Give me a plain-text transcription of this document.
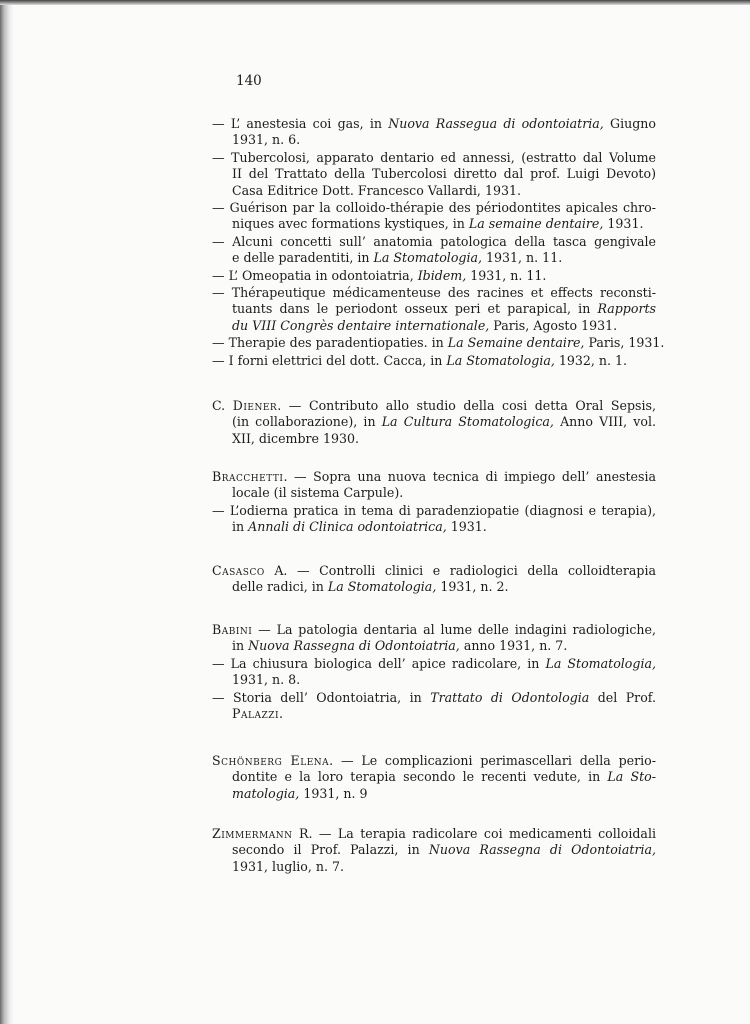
140
— L’ anestesia coi gas, in Nuova Rassegua di odontoiatria, Giugno
1931, n. 6.
— Tubercolosi, apparato dentario ed annessi, (estratto dal Volume
II del Trattato della Tubercolosi diretto dal prof. Luigi Devoto)
Casa Editrice Dott. Francesco Vallardi, 1931.
— Guérison par la colloido-thérapie des périodontites apicales chro-
niques avec formations kystiques, in La semaine dentaire, 1931.
— Alcuni concetti sull’ anatomia patologica della tasca gengivale
e delle paradentiti, in La Stomatologia, 1931, n. 11.
— L’ Omeopatia in odontoiatria, Ibidem, 1931, n. 11.
— Thérapeutique médicamenteuse des racines et effects reconsti-
tuants dans le periodont osseux peri et parapical, in Rapports
du VIII Congrès dentaire internationale, Paris, Agosto 1931.
— Therapie des paradentiopaties. in La Semaine dentaire, Paris, 1931.
— I forni elettrici del dott. Cacca, in La Stomatologia, 1932, n. 1.
C. Diener. — Contributo allo studio della cosi detta Oral Sepsis,
(in collaborazione), in La Cultura Stomatologica, Anno VIII, vol.
XII, dicembre 1930.
Bracchetti. — Sopra una nuova tecnica di impiego dell’ anestesia
locale (il sistema Carpule).
— L’odierna pratica in tema di paradenziopatie (diagnosi e terapia),
in Annali di Clinica odontoiatrica, 1931.
Casasco A. — Controlli clinici e radiologici della colloidterapia
delle radici, in La Stomatologia, 1931, n. 2.
Babini — La patologia dentaria al lume delle indagini radiologiche,
in Nuova Rassegna di Odontoiatria, anno 1931, n. 7.
— La chiusura biologica dell’ apice radicolare, in La Stomatologia,
1931, n. 8.
— Storia dell’ Odontoiatria, in Trattato di Odontologia del Prof.
Palazzi.
Schönberg Elena. — Le complicazioni perimascellari della perio-
dontite e la loro terapia secondo le recenti vedute, in La Sto-
matologia, 1931, n. 9
Zimmermann R. — La terapia radicolare coi medicamenti colloidali
secondo il Prof. Palazzi, in Nuova Rassegna di Odontoiatria,
1931, luglio, n. 7.
